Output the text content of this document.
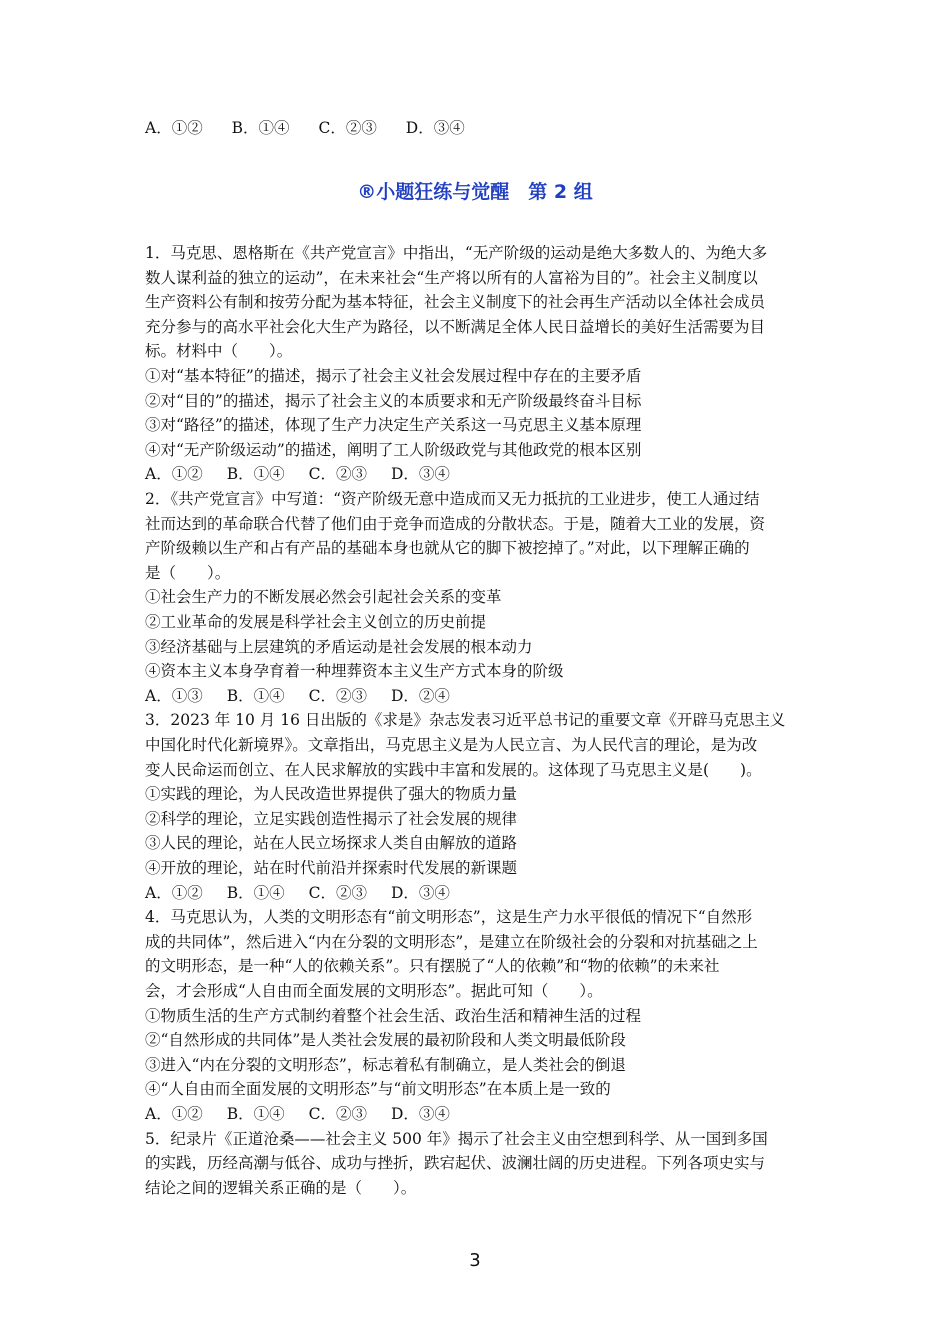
A．①② B．①④ C．②③ D．③④
®小题狂练与觉醒　第 2 组
1．马克思、恩格斯在《共产党宣言》中指出，“无产阶级的运动是绝大多数人的、为绝大多
数人谋利益的独立的运动”，在未来社会“生产将以所有的人富裕为目的”。社会主义制度以
生产资料公有制和按劳分配为基本特征，社会主义制度下的社会再生产活动以全体社会成员
充分参与的高水平社会化大生产为路径，以不断满足全体人民日益增长的美好生活需要为目
标。材料中（　　）。
①对“基本特征”的描述，揭示了社会主义社会发展过程中存在的主要矛盾
②对“目的”的描述，揭示了社会主义的本质要求和无产阶级最终奋斗目标
③对“路径”的描述，体现了生产力决定生产关系这一马克思主义基本原理
④对“无产阶级运动”的描述，阐明了工人阶级政党与其他政党的根本区别
A．①② B．①④ C．②③ D．③④
2．《共产党宣言》中写道：“资产阶级无意中造成而又无力抵抗的工业进步，使工人通过结
社而达到的革命联合代替了他们由于竞争而造成的分散状态。于是，随着大工业的发展，资
产阶级赖以生产和占有产品的基础本身也就从它的脚下被挖掉了。”对此，以下理解正确的
是（　　）。
①社会生产力的不断发展必然会引起社会关系的变革
②工业革命的发展是科学社会主义创立的历史前提
③经济基础与上层建筑的矛盾运动是社会发展的根本动力
④资本主义本身孕育着一种埋葬资本主义生产方式本身的阶级
A．①③ B．①④ C．②③ D．②④
3．2023 年 10 月 16 日出版的《求是》杂志发表习近平总书记的重要文章《开辟马克思主义
中国化时代化新境界》。文章指出，马克思主义是为人民立言、为人民代言的理论，是为改
变人民命运而创立、在人民求解放的实践中丰富和发展的。这体现了马克思主义是(　　)。
①实践的理论，为人民改造世界提供了强大的物质力量
②科学的理论，立足实践创造性揭示了社会发展的规律
③人民的理论，站在人民立场探求人类自由解放的道路
④开放的理论，站在时代前沿并探索时代发展的新课题
A．①② B．①④ C．②③ D．③④
4．马克思认为，人类的文明形态有“前文明形态”，这是生产力水平很低的情况下“自然形
成的共同体”，然后进入“内在分裂的文明形态”，是建立在阶级社会的分裂和对抗基础之上
的文明形态，是一种“人的依赖关系”。只有摆脱了“人的依赖”和“物的依赖”的未来社
会，才会形成“人自由而全面发展的文明形态”。据此可知（　　）。
①物质生活的生产方式制约着整个社会生活、政治生活和精神生活的过程
②“自然形成的共同体”是人类社会发展的最初阶段和人类文明最低阶段
③进入“内在分裂的文明形态”，标志着私有制确立，是人类社会的倒退
④“人自由而全面发展的文明形态”与“前文明形态”在本质上是一致的
A．①② B．①④ C．②③ D．③④
5．纪录片《正道沧桑——社会主义 500 年》揭示了社会主义由空想到科学、从一国到多国
的实践，历经高潮与低谷、成功与挫折，跌宕起伏、波澜壮阔的历史进程。下列各项史实与
结论之间的逻辑关系正确的是（　　）。
3
